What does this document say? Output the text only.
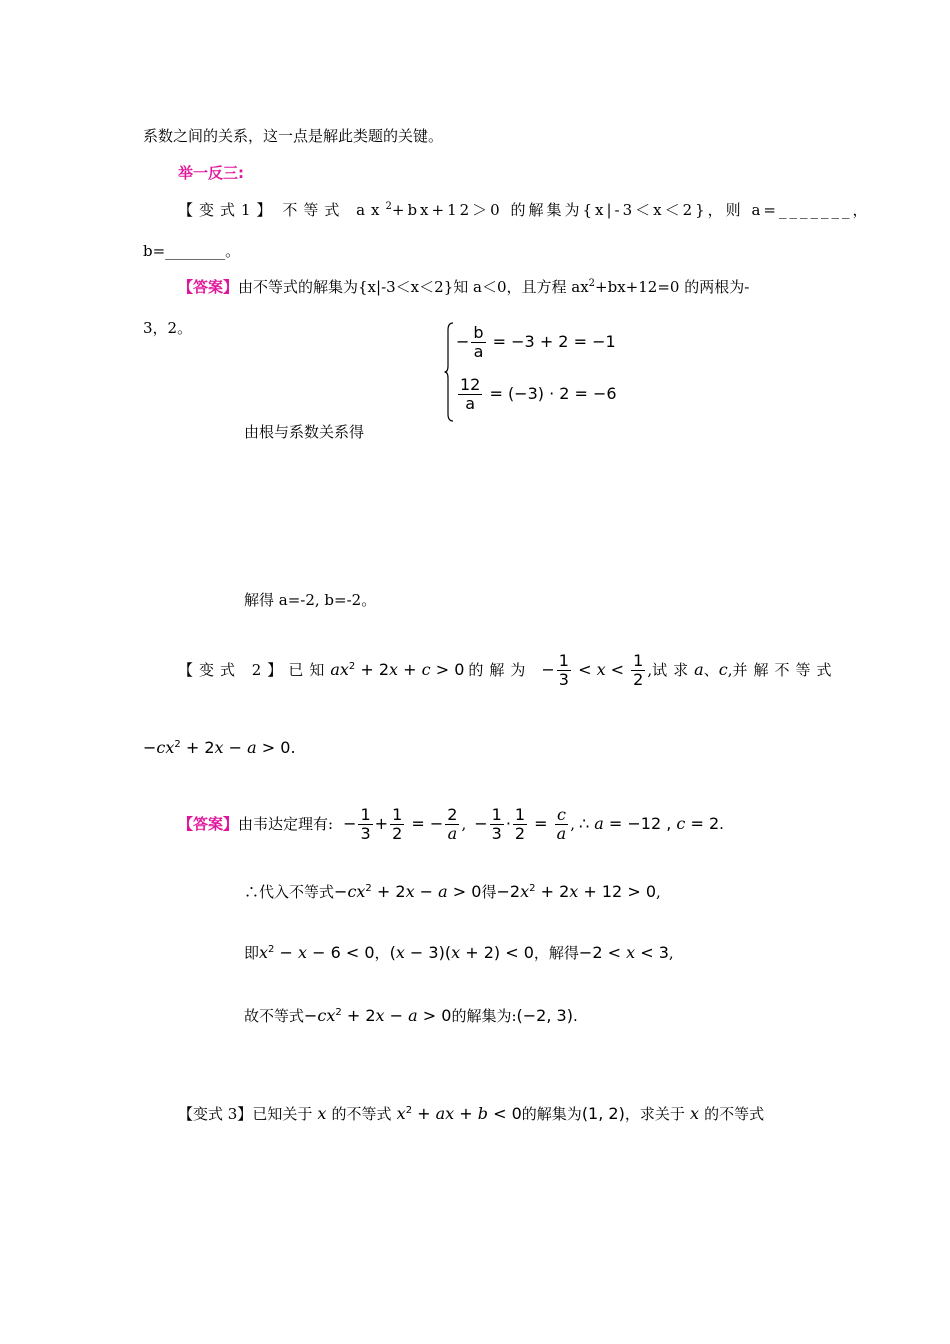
系数之间的关系，这一点是解此类题的关键。
举一反三:
【变式1】 不等式 $ax^2+bx+12>0$ 的解集为{x|-3＜x＜2}，则 a=_______，
b=________。
【答案】由不等式的解集为{x|-3＜x＜2}知 a＜0，且方程 $ax^2+bx+12=0$ 的两根为-
3，2。
− $\frac{b}{a} = -3 + 2 = -1$
$\frac{12}{a} = (-3) \cdot 2 = -6$
由根与系数关系得
解得 a=-2, b=-2。
【变式 2】已知$ax^2 + 2x + c > 0$ 的解为 − $\frac{1}{3} < x < \frac{1}{2}$ ,试求a、c,并解不等式
$-cx^2 + 2x - a > 0$.
【答案】由韦达定理有: − $\frac{1}{3} + \frac{1}{2}$ = − $\frac{2}{a}$ , − $\frac{1}{3} \cdot \frac{1}{2} = \frac{c}{a}$ , ∴ a = −12 , c = 2.
∴代入不等式$-cx^2 + 2x - a > 0$得$-2x^2 + 2x + 12 > 0$,
即$x^2 - x - 6 < 0$，(x − 3)(x + 2) < 0，解得−2 < x < 3,
故不等式$-cx^2 + 2x - a > 0$的解集为:(−2, 3).
【变式 3】已知关于 x 的不等式 $x^2$ + ax + b < 0的解集为(1, 2)，求关于 x 的不等式
